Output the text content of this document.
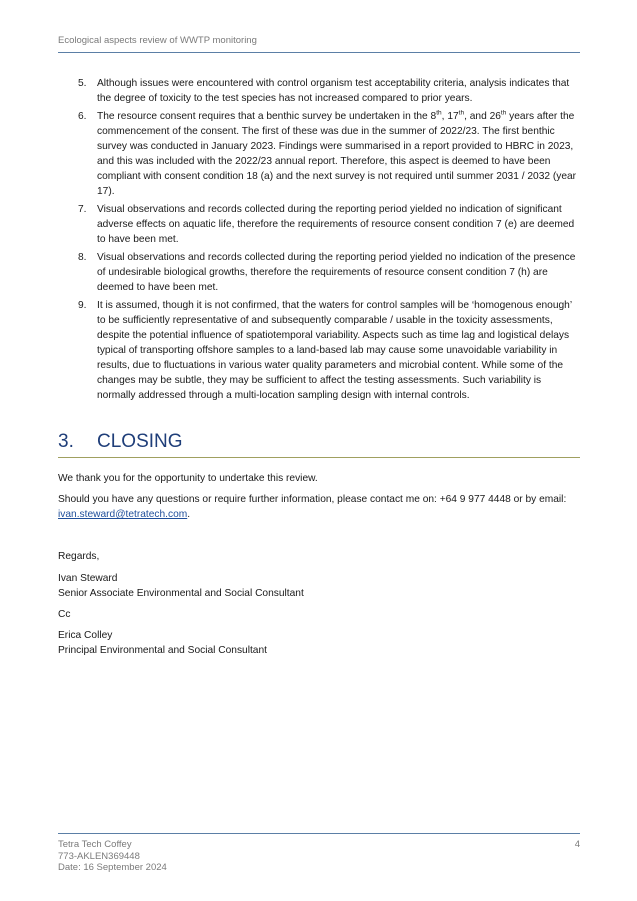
Ecological aspects review of WWTP monitoring
5. Although issues were encountered with control organism test acceptability criteria, analysis indicates that the degree of toxicity to the test species has not increased compared to prior years.
6. The resource consent requires that a benthic survey be undertaken in the 8th, 17th, and 26th years after the commencement of the consent. The first of these was due in the summer of 2022/23. The first benthic survey was conducted in January 2023. Findings were summarised in a report provided to HBRC in 2023, and this was included with the 2022/23 annual report. Therefore, this aspect is deemed to have been compliant with consent condition 18 (a) and the next survey is not required until summer 2031 / 2032 (year 17).
7. Visual observations and records collected during the reporting period yielded no indication of significant adverse effects on aquatic life, therefore the requirements of resource consent condition 7 (e) are deemed to have been met.
8. Visual observations and records collected during the reporting period yielded no indication of the presence of undesirable biological growths, therefore the requirements of resource consent condition 7 (h) are deemed to have been met.
9. It is assumed, though it is not confirmed, that the waters for control samples will be ‘homogenous enough’ to be sufficiently representative of and subsequently comparable / usable in the toxicity assessments, despite the potential influence of spatiotemporal variability. Aspects such as time lag and logistical delays typical of transporting offshore samples to a land-based lab may cause some unavoidable variability in results, due to fluctuations in various water quality parameters and microbial content. While some of the changes may be subtle, they may be sufficient to affect the testing assessments. Such variability is normally addressed through a multi-location sampling design with internal controls.
3. CLOSING
We thank you for the opportunity to undertake this review.
Should you have any questions or require further information, please contact me on: +64 9 977 4448 or by email: ivan.steward@tetratech.com.
Regards,
Ivan Steward
Senior Associate Environmental and Social Consultant
Cc
Erica Colley
Principal Environmental and Social Consultant
Tetra Tech Coffey
773-AKLEN369448
Date: 16 September 2024
4
